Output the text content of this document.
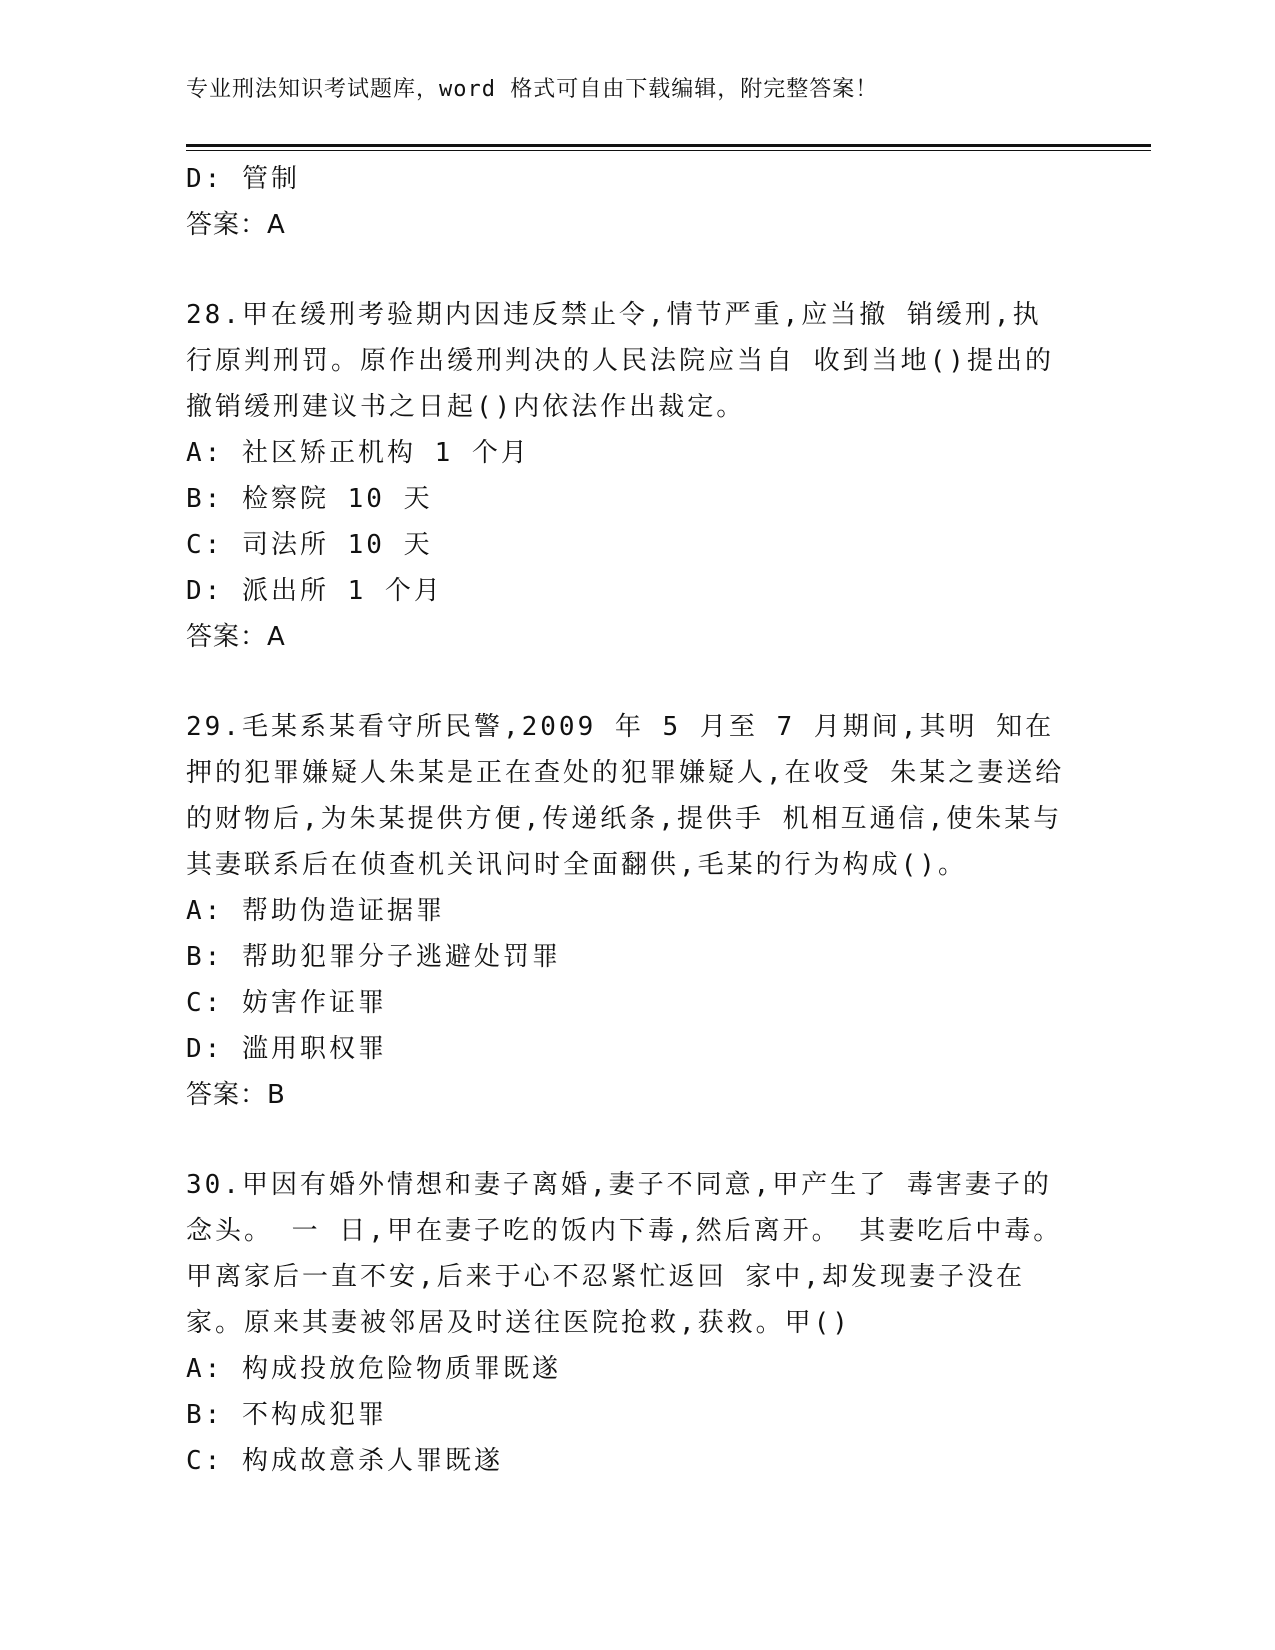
专业刑法知识考试题库，word 格式可自由下载编辑，附完整答案！
D: 管制
答案：A
28.甲在缓刑考验期内因违反禁止令,情节严重,应当撤 销缓刑,执行原判刑罚。原作出缓刑判决的人民法院应当自 收到当地()提出的撤销缓刑建议书之日起()内依法作出裁定。
A: 社区矫正机构 1 个月
B: 检察院 10 天
C: 司法所 10 天
D: 派出所 1 个月
答案：A
29.毛某系某看守所民警,2009 年 5 月至 7 月期间,其明 知在押的犯罪嫌疑人朱某是正在查处的犯罪嫌疑人,在收受 朱某之妻送给的财物后,为朱某提供方便,传递纸条,提供手 机相互通信,使朱某与其妻联系后在侦查机关讯问时全面翻供,毛某的行为构成()。
A: 帮助伪造证据罪
B: 帮助犯罪分子逃避处罚罪
C: 妨害作证罪
D: 滥用职权罪
答案：B
30.甲因有婚外情想和妻子离婚,妻子不同意,甲产生了 毒害妻子的念头。 一 日,甲在妻子吃的饭内下毒,然后离开。 其妻吃后中毒。甲离家后一直不安,后来于心不忍紧忙返回 家中,却发现妻子没在家。原来其妻被邻居及时送往医院抢救,获救。甲()
A: 构成投放危险物质罪既遂
B: 不构成犯罪
C: 构成故意杀人罪既遂
